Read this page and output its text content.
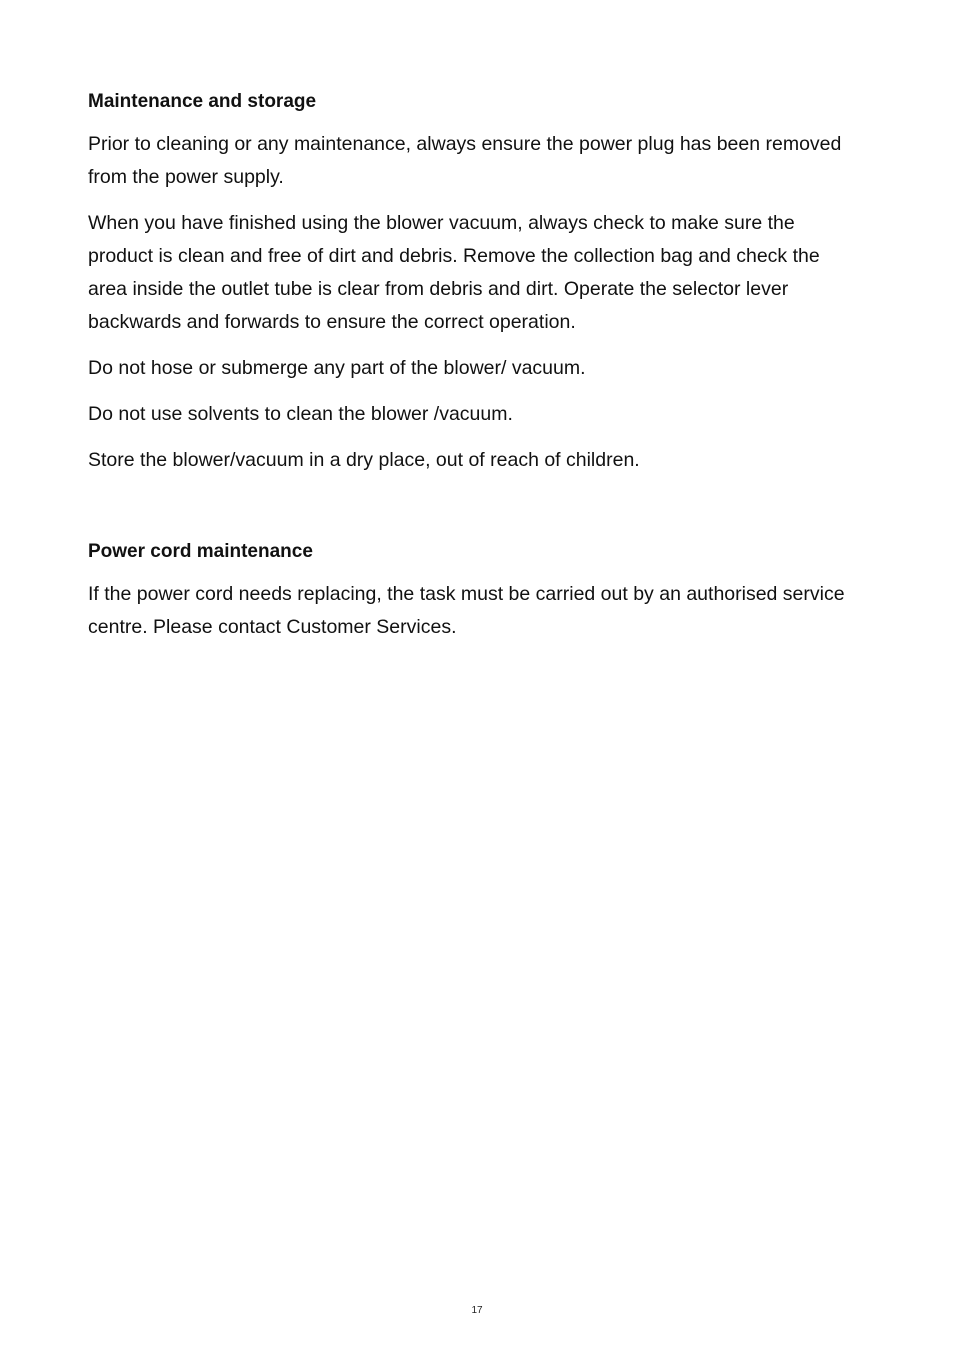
Maintenance and storage

Prior to cleaning or any maintenance, always ensure the power plug has been removed from the power supply.

When you have finished using the blower vacuum, always check to make sure the product is clean and free of dirt and debris. Remove the collection bag and check the area inside the outlet tube is clear from debris and dirt. Operate the selector lever backwards and forwards to ensure the correct operation.

Do not hose or submerge any part of the blower/ vacuum.

Do not use solvents to clean the blower /vacuum.

Store the blower/vacuum in a dry place, out of reach of children.

Power cord maintenance

If the power cord needs replacing, the task must be carried out by an authorised service centre. Please contact Customer Services.

17
